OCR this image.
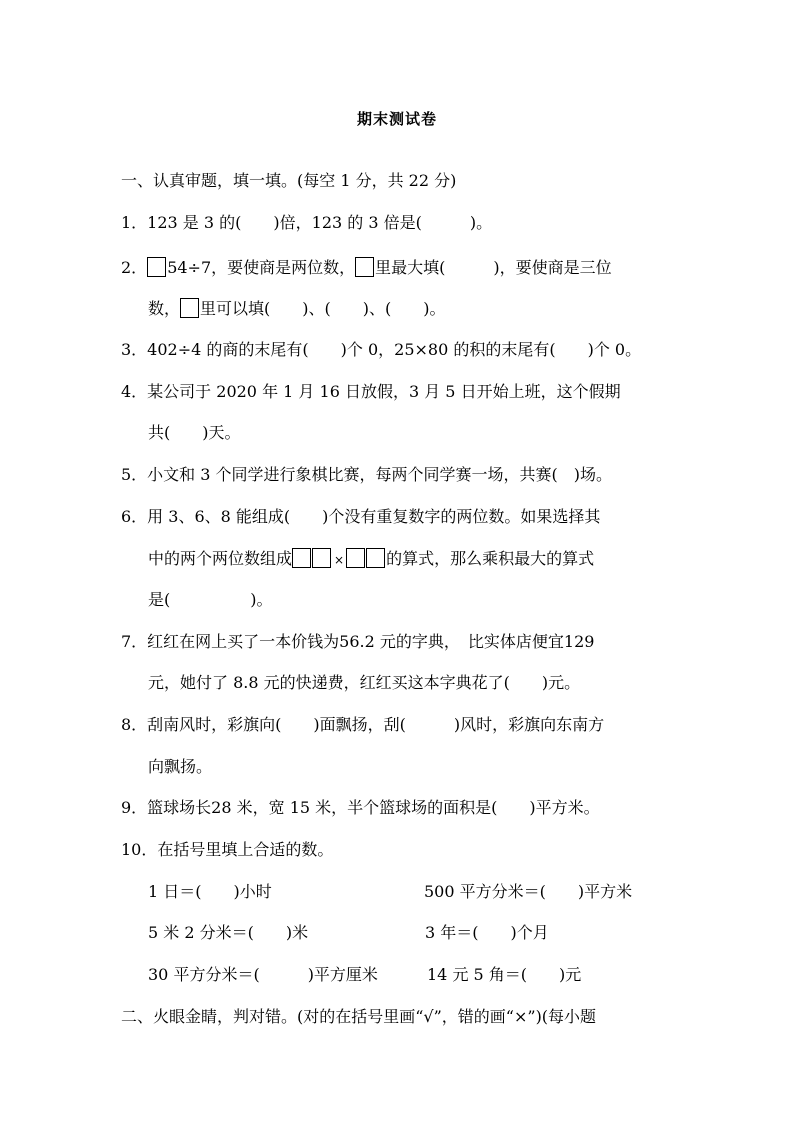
期末测试卷
一、认真审题，填一填。(每空 1 分，共 22 分)
1．123 是 3 的(　　)倍，123 的 3 倍是(　　　)。
2． 54÷7，要使商是两位数， 里最大填(　　　)，要使商是三位
数， 里可以填(　　)、(　　)、(　　)。
3．402÷4 的商的末尾有(　　)个 0，25×80 的积的末尾有(　　)个 0。
4．某公司于 2020 年 1 月 16 日放假，3 月 5 日开始上班，这个假期
共(　　)天。
5．小文和 3 个同学进行象棋比赛，每两个同学赛一场，共赛(　)场。
6．用 3、6、8 能组成(　　)个没有重复数字的两位数。如果选择其
中的两个两位数组成	×	的算式，那么乘积最大的算式
是(　　　　　)。
7．红红在网上买了一本价钱为56.2 元的字典，　比实体店便宜129
元，她付了 8.8 元的快递费，红红买这本字典花了(　　)元。
8．刮南风时，彩旗向(　　)面飘扬，刮(　　　)风时，彩旗向东南方
向飘扬。
9．篮球场长28 米，宽 15 米，半个篮球场的面积是(　　)平方米。
10．在括号里填上合适的数。
1 日＝(　　)小时	500 平方分米＝(　　)平方米
5 米 2 分米＝(　　)米	3 年＝(　　)个月
30 平方分米＝(　　　)平方厘米	14 元 5 角＝(　　)元
二、火眼金睛，判对错。(对的在括号里画“√”，错的画“×”)(每小题
